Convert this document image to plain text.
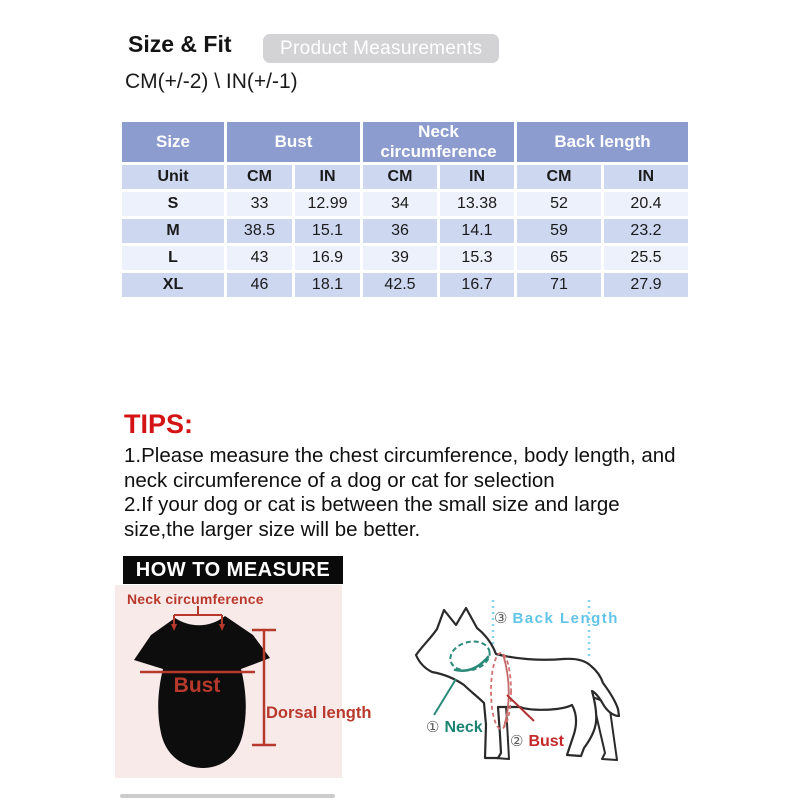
Size & Fit	Product Measurements
CM(+/-2) \ IN(+/-1)
Size	Bust		Neck circumference		Back length	
Unit	CM	IN	CM	IN	CM	IN
S	33	12.99	34	13.38	52	20.4
M	38.5	15.1	36	14.1	59	23.2
L	43	16.9	39	15.3	65	25.5
XL	46	18.1	42.5	16.7	71	27.9
TIPS:
1.Please measure the chest circumference, body length, and
neck circumference of a dog or cat for selection
2.If your dog or cat is between the small size and large
size,the larger size will be better.
HOW TO MEASURE
Neck circumference
Bust
Dorsal length
③ Back Length
① Neck
② Bust
